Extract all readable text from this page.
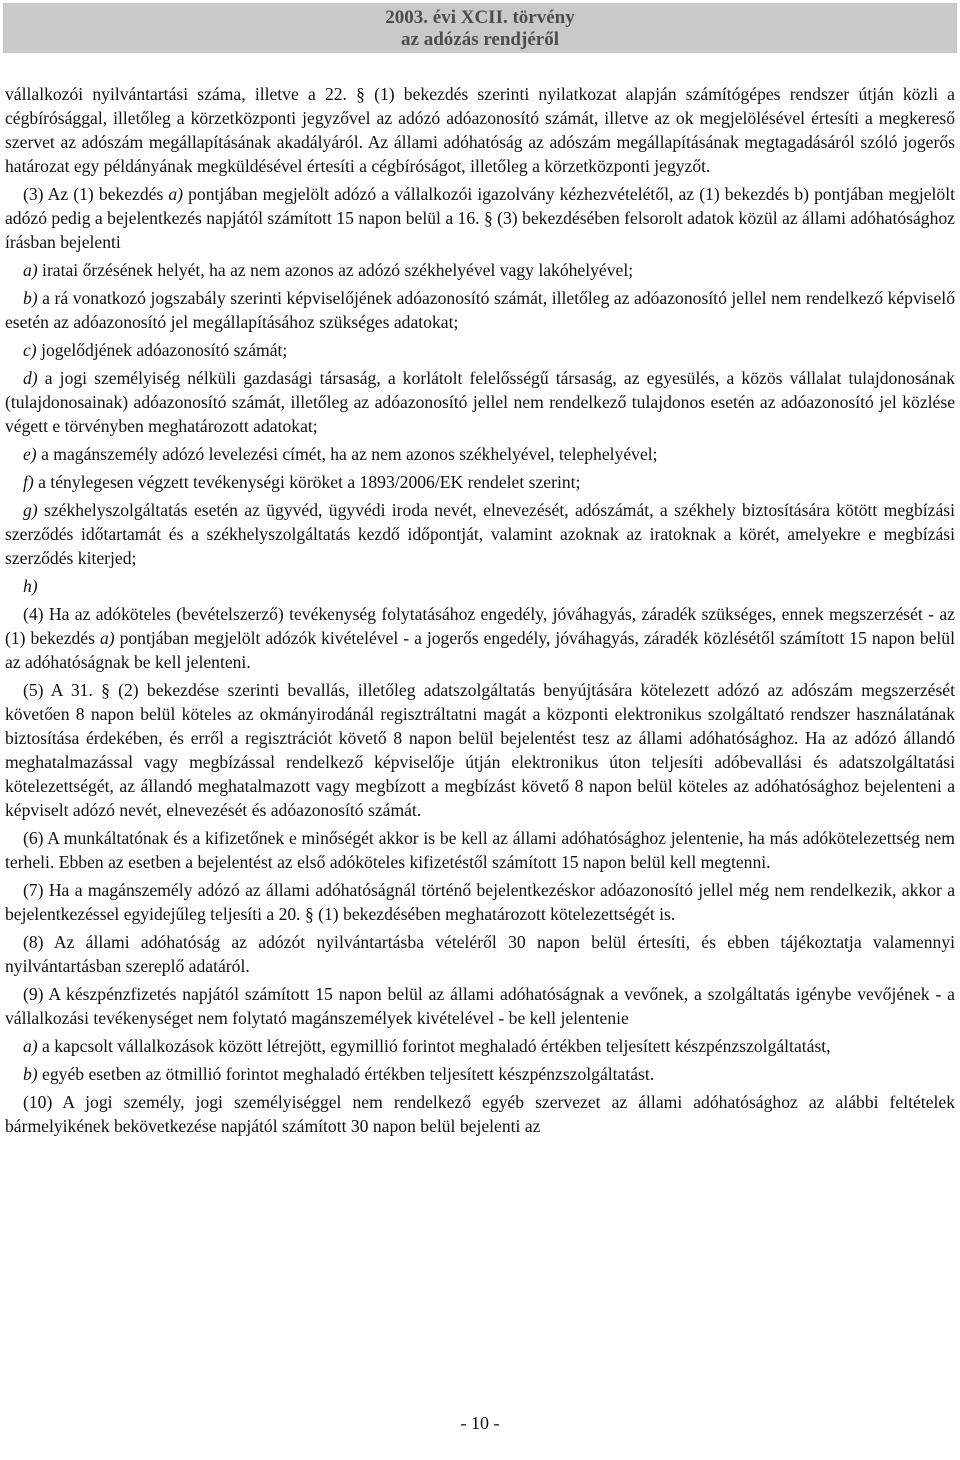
2003. évi XCII. törvény
az adózás rendjéről

vállalkozói nyilvántartási száma, illetve a 22. § (1) bekezdés szerinti nyilatkozat alapján számítógépes rendszer útján közli a cégbírósággal, illetőleg a körzetközponti jegyzővel az adózó adóazonosító számát, illetve az ok megjelölésével értesíti a megkereső szervet az adószám megállapításának akadályáról. Az állami adóhatóság az adószám megállapításának megtagadásáról szóló jogerős határozat egy példányának megküldésével értesíti a cégbíróságot, illetőleg a körzetközponti jegyzőt.

(3) Az (1) bekezdés a) pontjában megjelölt adózó a vállalkozói igazolvány kézhezvételétől, az (1) bekezdés b) pontjában megjelölt adózó pedig a bejelentkezés napjától számított 15 napon belül a 16. § (3) bekezdésében felsorolt adatok közül az állami adóhatósághoz írásban bejelenti

a) iratai őrzésének helyét, ha az nem azonos az adózó székhelyével vagy lakóhelyével;

b) a rá vonatkozó jogszabály szerinti képviselőjének adóazonosító számát, illetőleg az adóazonosító jellel nem rendelkező képviselő esetén az adóazonosító jel megállapításához szükséges adatokat;

c) jogelődjének adóazonosító számát;

d) a jogi személyiség nélküli gazdasági társaság, a korlátolt felelősségű társaság, az egyesülés, a közös vállalat tulajdonosának (tulajdonosainak) adóazonosító számát, illetőleg az adóazonosító jellel nem rendelkező tulajdonos esetén az adóazonosító jel közlése végett e törvényben meghatározott adatokat;

e) a magánszemély adózó levelezési címét, ha az nem azonos székhelyével, telephelyével;

f) a ténylegesen végzett tevékenységi köröket a 1893/2006/EK rendelet szerint;

g) székhelyszolgáltatás esetén az ügyvéd, ügyvédi iroda nevét, elnevezését, adószámát, a székhely biztosítására kötött megbízási szerződés időtartamát és a székhelyszolgáltatás kezdő időpontját, valamint azoknak az iratoknak a körét, amelyekre e megbízási szerződés kiterjed;

h)

(4) Ha az adóköteles (bevételszerző) tevékenység folytatásához engedély, jóváhagyás, záradék szükséges, ennek megszerzését - az (1) bekezdés a) pontjában megjelölt adózók kivételével - a jogerős engedély, jóváhagyás, záradék közlésétől számított 15 napon belül az adóhatóságnak be kell jelenteni.

(5) A 31. § (2) bekezdése szerinti bevallás, illetőleg adatszolgáltatás benyújtására kötelezett adózó az adószám megszerzését követően 8 napon belül köteles az okmányirodánál regisztráltatni magát a központi elektronikus szolgáltató rendszer használatának biztosítása érdekében, és erről a regisztrációt követő 8 napon belül bejelentést tesz az állami adóhatósághoz. Ha az adózó állandó meghatalmazással vagy megbízással rendelkező képviselője útján elektronikus úton teljesíti adóbevallási és adatszolgáltatási kötelezettségét, az állandó meghatalmazott vagy megbízott a megbízást követő 8 napon belül köteles az adóhatósághoz bejelenteni a képviselt adózó nevét, elnevezését és adóazonosító számát.

(6) A munkáltatónak és a kifizetőnek e minőségét akkor is be kell az állami adóhatósághoz jelentenie, ha más adókötelezettség nem terheli. Ebben az esetben a bejelentést az első adóköteles kifizetéstől számított 15 napon belül kell megtenni.

(7) Ha a magánszemély adózó az állami adóhatóságnál történő bejelentkezéskor adóazonosító jellel még nem rendelkezik, akkor a bejelentkezéssel egyidejűleg teljesíti a 20. § (1) bekezdésében meghatározott kötelezettségét is.

(8) Az állami adóhatóság az adózót nyilvántartásba vételéről 30 napon belül értesíti, és ebben tájékoztatja valamennyi nyilvántartásban szereplő adatáról.

(9) A készpénzfizetés napjától számított 15 napon belül az állami adóhatóságnak a vevőnek, a szolgáltatás igénybe vevőjének - a vállalkozási tevékenységet nem folytató magánszemélyek kivételével - be kell jelentenie

a) a kapcsolt vállalkozások között létrejött, egymillió forintot meghaladó értékben teljesített készpénzszolgáltatást,

b) egyéb esetben az ötmillió forintot meghaladó értékben teljesített készpénzszolgáltatást.

(10) A jogi személy, jogi személyiséggel nem rendelkező egyéb szervezet az állami adóhatósághoz az alábbi feltételek bármelyikének bekövetkezése napjától számított 30 napon belül bejelenti az

- 10 -
